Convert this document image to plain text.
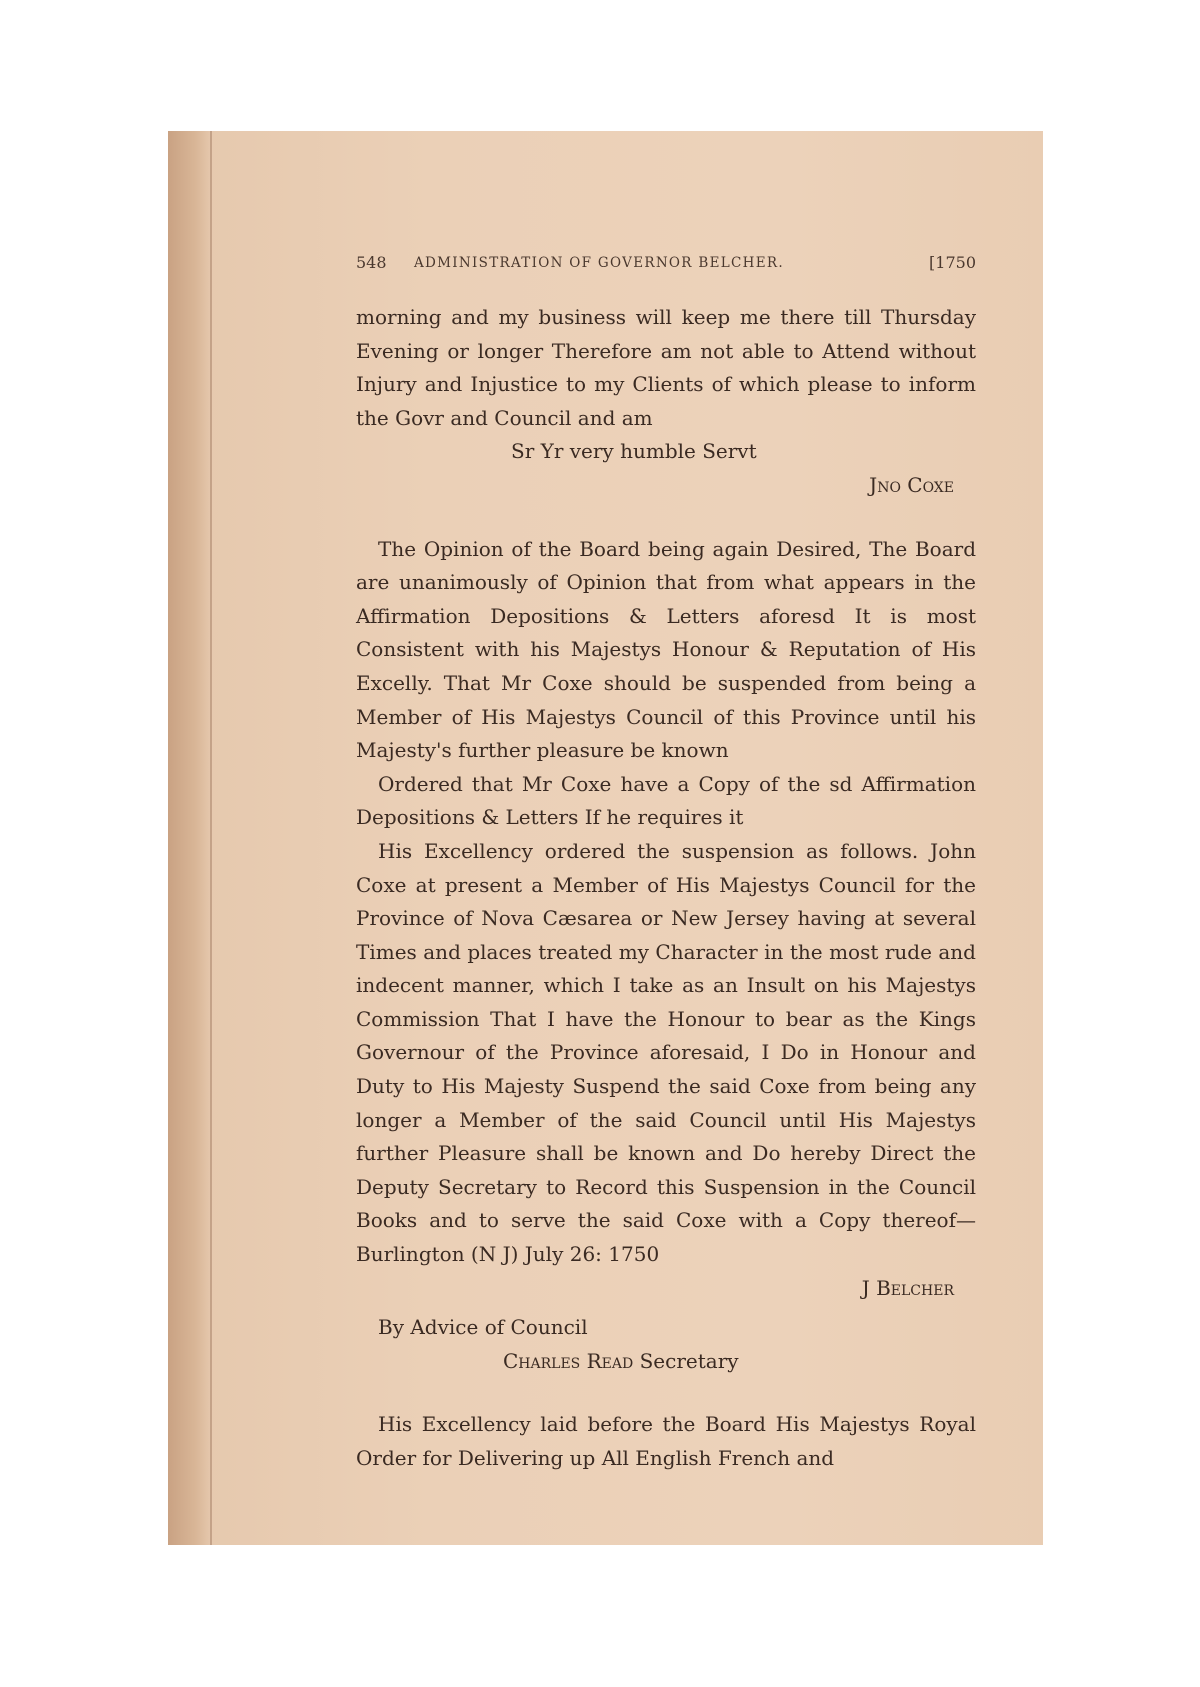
548 ADMINISTRATION OF GOVERNOR BELCHER.	[1750

morning and my business will keep me there till Thursday Evening or longer Therefore am not able to Attend without Injury and Injustice to my Clients of which please to inform the Govr and Council and am

Sr Yr very humble Servt

Jno Coxe

The Opinion of the Board being again Desired, The Board are unanimously of Opinion that from what appears in the Affirmation Depositions & Letters aforesd It is most Consistent with his Majestys Honour & Reputation of His Excelly. That Mr Coxe should be suspended from being a Member of His Majestys Council of this Province until his Majesty's further pleasure be known

Ordered that Mr Coxe have a Copy of the sd Affirmation Depositions & Letters If he requires it

His Excellency ordered the suspension as follows. John Coxe at present a Member of His Majestys Council for the Province of Nova Cæsarea or New Jersey having at several Times and places treated my Character in the most rude and indecent manner, which I take as an Insult on his Majestys Commission That I have the Honour to bear as the Kings Governour of the Province aforesaid, I Do in Honour and Duty to His Majesty Suspend the said Coxe from being any longer a Member of the said Council until His Majestys further Pleasure shall be known and Do hereby Direct the Deputy Secretary to Record this Suspension in the Council Books and to serve the said Coxe with a Copy thereof—Burlington (N J) July 26: 1750

J Belcher

By Advice of Council

Charles Read Secretary

His Excellency laid before the Board His Majestys Royal Order for Delivering up All English French and
